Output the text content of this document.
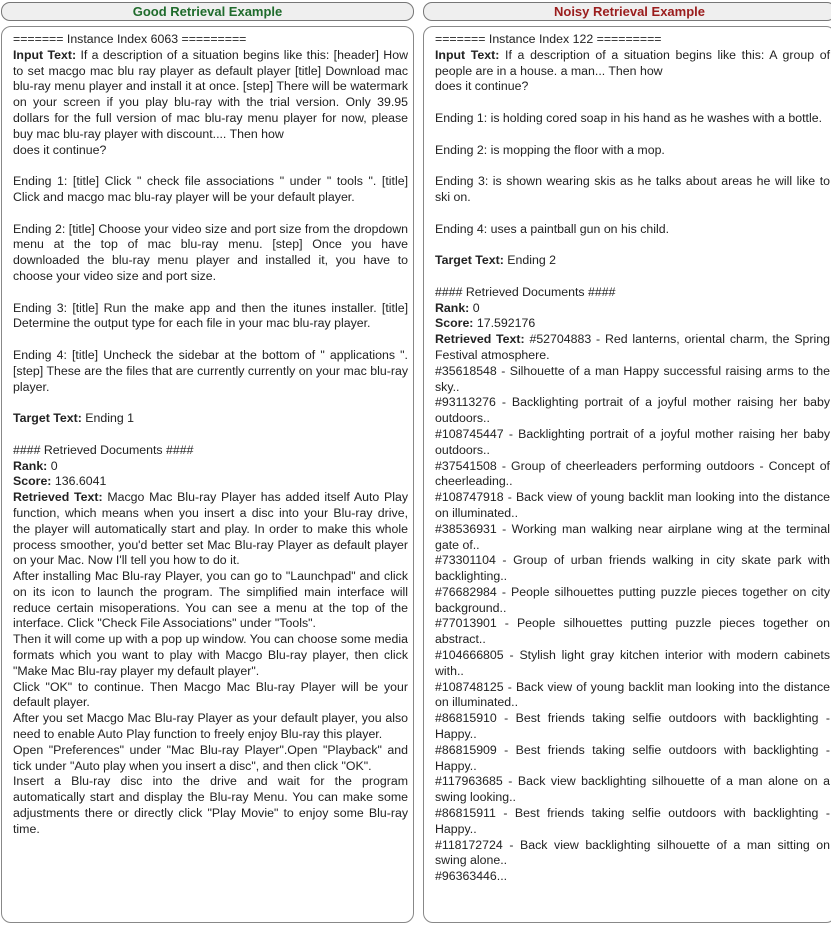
Good Retrieval Example

======= Instance Index 6063 =========

Input Text: If a description of a situation begins like this: [header] How to set macgo mac blu ray player as default player [title] Download mac blu-ray menu player and install it at once. [step] There will be watermark on your screen if you play blu-ray with the trial version. Only 39.95 dollars for the full version of mac blu-ray menu player for now, please buy mac blu-ray player with discount.... Then how

does it continue?

Ending 1: [title] Click " check file associations " under " tools ". [title] Click and macgo mac blu-ray player will be your default player.

Ending 2: [title] Choose your video size and port size from the dropdown menu at the top of mac blu-ray menu. [step] Once you have downloaded the blu-ray menu player and installed it, you have to choose your video size and port size.

Ending 3: [title] Run the make app and then the itunes installer. [title] Determine the output type for each file in your mac blu-ray player.

Ending 4: [title] Uncheck the sidebar at the bottom of " applications ". [step] These are the files that are currently currently on your mac blu-ray player.

Target Text: Ending 1

#### Retrieved Documents ####

Rank: 0

Score: 136.6041

Retrieved Text: Macgo Mac Blu-ray Player has added itself Auto Play function, which means when you insert a disc into your Blu-ray drive, the player will automatically start and play. In order to make this whole process smoother, you'd better set Mac Blu-ray Player as default player on your Mac. Now I'll tell you how to do it.

After installing Mac Blu-ray Player, you can go to "Launchpad" and click on its icon to launch the program. The simplified main interface will reduce certain misoperations. You can see a menu at the top of the interface. Click "Check File Associations" under "Tools".

Then it will come up with a pop up window. You can choose some media formats which you want to play with Macgo Blu-ray player, then click "Make Mac Blu-ray player my default player".

Click "OK" to continue. Then Macgo Mac Blu-ray Player will be your default player.

After you set Macgo Mac Blu-ray Player as your default player, you also need to enable Auto Play function to freely enjoy Blu-ray this player.

Open "Preferences" under "Mac Blu-ray Player".Open "Playback" and tick under "Auto play when you insert a disc", and then click "OK".

Insert a Blu-ray disc into the drive and wait for the program automatically start and display the Blu-ray Menu. You can make some adjustments there or directly click "Play Movie" to enjoy some Blu-ray time.

Noisy Retrieval Example

======= Instance Index 122 =========

Input Text: If a description of a situation begins like this: A group of people are in a house. a man... Then how

does it continue?

Ending 1: is holding cored soap in his hand as he washes with a bottle.

Ending 2: is mopping the floor with a mop.

Ending 3: is shown wearing skis as he talks about areas he will like to ski on.

Ending 4: uses a paintball gun on his child.

Target Text: Ending 2

#### Retrieved Documents ####

Rank: 0

Score: 17.592176

Retrieved Text: #52704883 - Red lanterns, oriental charm, the Spring Festival atmosphere.

#35618548 - Silhouette of a man Happy successful raising arms to the sky..

#93113276 - Backlighting portrait of a joyful mother raising her baby outdoors..

#108745447 - Backlighting portrait of a joyful mother raising her baby outdoors..

#37541508 - Group of cheerleaders performing outdoors - Concept of cheerleading..

#108747918 - Back view of young backlit man looking into the distance on illuminated..

#38536931 - Working man walking near airplane wing at the terminal gate of..

#73301104 - Group of urban friends walking in city skate park with backlighting..

#76682984 - People silhouettes putting puzzle pieces together on city background..

#77013901 - People silhouettes putting puzzle pieces together on abstract..

#104666805 - Stylish light gray kitchen interior with modern cabinets with..

#108748125 - Back view of young backlit man looking into the distance on illuminated..

#86815910 - Best friends taking selfie outdoors with backlighting - Happy..

#86815909 - Best friends taking selfie outdoors with backlighting - Happy..

#117963685 - Back view backlighting silhouette of a man alone on a swing looking..

#86815911 - Best friends taking selfie outdoors with backlighting - Happy..

#118172724 - Back view backlighting silhouette of a man sitting on swing alone..

#96363446...
